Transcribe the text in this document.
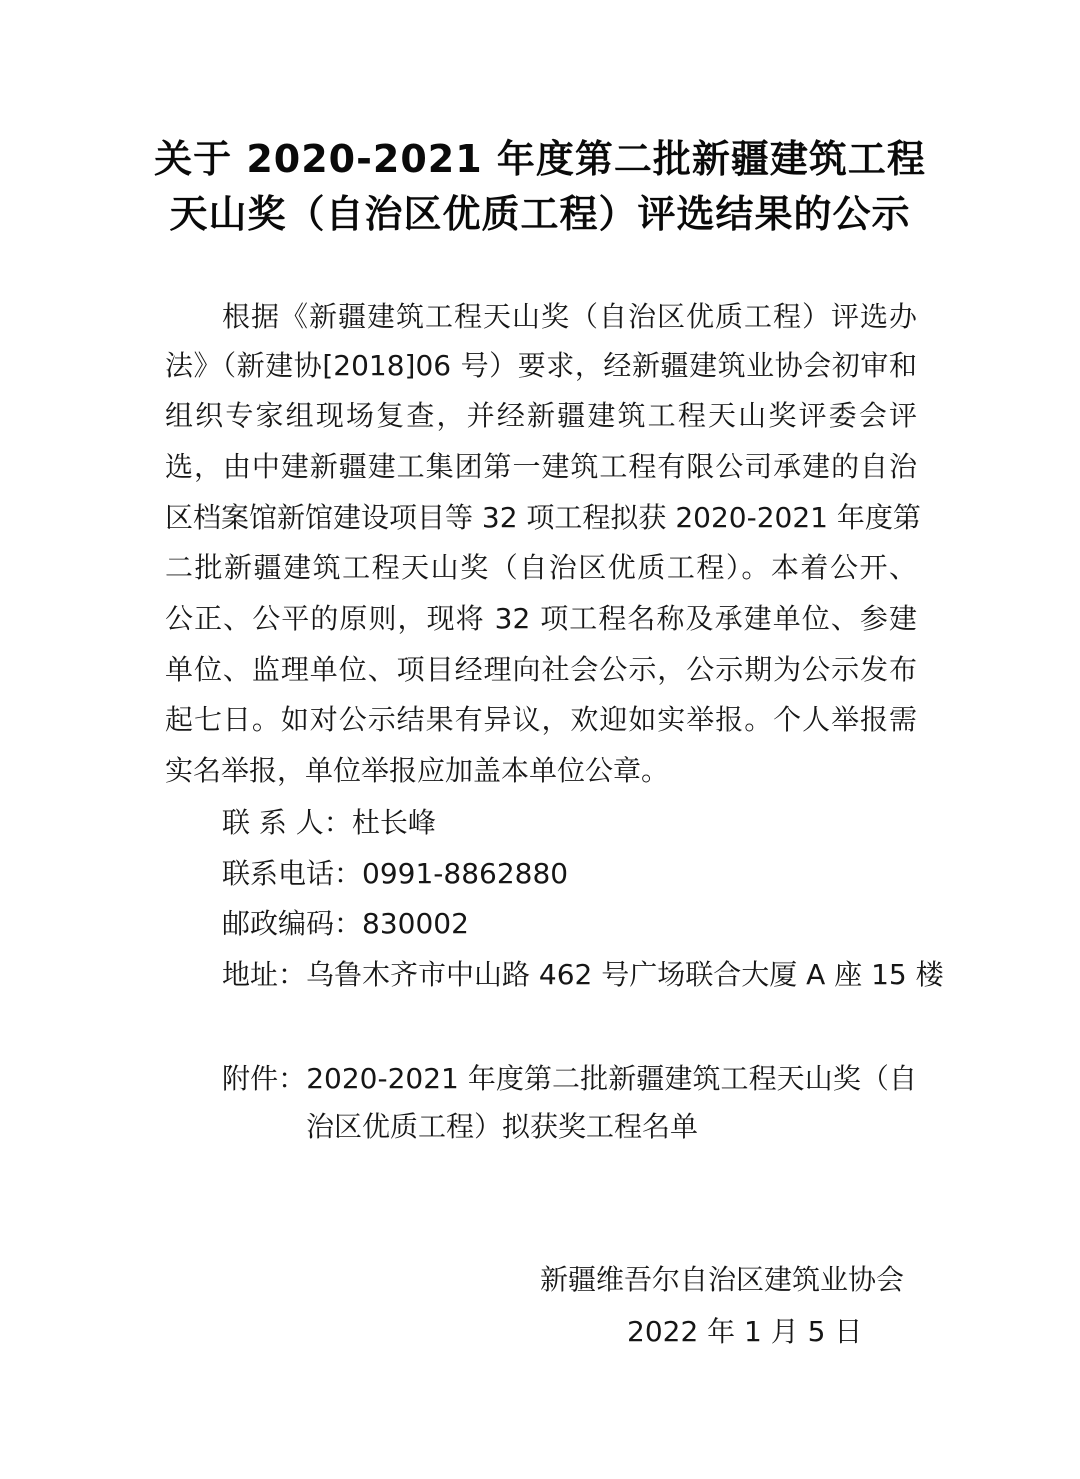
关于 2020-2021 年度第二批新疆建筑工程
天山奖（自治区优质工程）评选结果的公示
根据《新疆建筑工程天山奖（自治区优质工程）评选办
法》（新建协[2018]06 号）要求，经新疆建筑业协会初审和
组织专家组现场复查，并经新疆建筑工程天山奖评委会评
选，由中建新疆建工集团第一建筑工程有限公司承建的自治
区档案馆新馆建设项目等 32 项工程拟获 2020-2021 年度第
二批新疆建筑工程天山奖（自治区优质工程）。本着公开、
公正、公平的原则，现将 32 项工程名称及承建单位、参建
单位、监理单位、项目经理向社会公示，公示期为公示发布
起七日。如对公示结果有异议，欢迎如实举报。个人举报需
实名举报，单位举报应加盖本单位公章。
联 系 人：杜长峰
联系电话：0991-8862880
邮政编码：830002
地址：乌鲁木齐市中山路 462 号广场联合大厦 A 座 15 楼
附件：2020-2021 年度第二批新疆建筑工程天山奖（自
治区优质工程）拟获奖工程名单
新疆维吾尔自治区建筑业协会
2022 年 1 月 5 日
